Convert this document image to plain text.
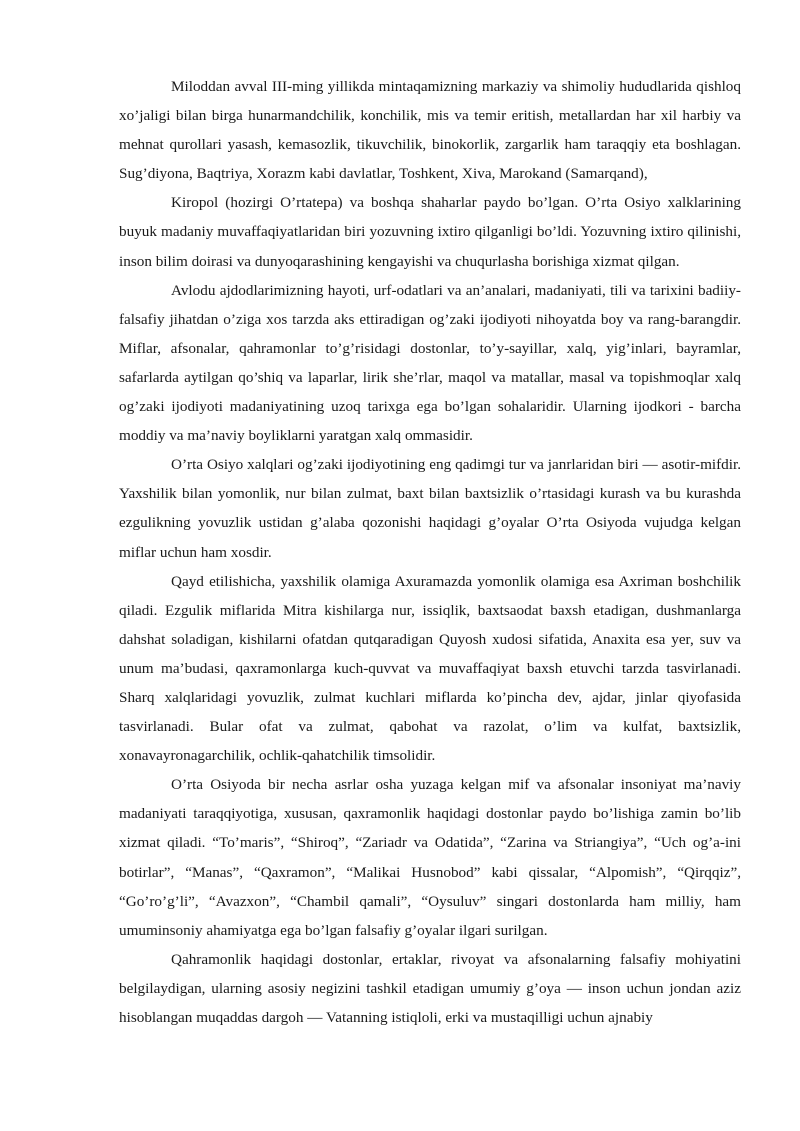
Miloddan avval III-ming yillikda mintaqamizning markaziy va shimoliy hududlarida qishloq xo’jaligi bilan birga hunarmandchilik, konchilik, mis va temir eritish, metallardan har xil harbiy va mehnat qurollari yasash, kemasozlik, tikuvchilik, binokorlik, zargarlik ham taraqqiy eta boshlagan. Sug’diyona, Baqtriya, Xorazm kabi davlatlar, Toshkent, Xiva, Marokand (Samarqand),

Kiropol (hozirgi O’rtatepa) va boshqa shaharlar paydo bo’lgan. O’rta Osiyo xalklarining buyuk madaniy muvaffaqiyatlaridan biri yozuvning ixtiro qilganligi bo’ldi. Yozuvning ixtiro qilinishi, inson bilim doirasi va dunyoqarashining kengayishi va chuqurlasha borishiga xizmat qilgan.

Avlodu ajdodlarimizning hayoti, urf-odatlari va an’analari, madaniyati, tili va tarixini badiiy-falsafiy jihatdan o’ziga xos tarzda aks ettiradigan og’zaki ijodiyoti nihoyatda boy va rang-barangdir. Miflar, afsonalar, qahramonlar to’g’risidagi dostonlar, to’y-sayillar, xalq, yig’inlari, bayramlar, safarlarda aytilgan qo’shiq va laparlar, lirik she’rlar, maqol va matallar, masal va topishmoqlar xalq og’zaki ijodiyoti madaniyatining uzoq tarixga ega bo’lgan sohalaridir. Ularning ijodkori - barcha moddiy va ma’naviy boyliklarni yaratgan xalq ommasidir.

O’rta Osiyo xalqlari og’zaki ijodiyotining eng qadimgi tur va janrlaridan biri — asotir-mifdir. Yaxshilik bilan yomonlik, nur bilan zulmat, baxt bilan baxtsizlik o’rtasidagi kurash va bu kurashda ezgulikning yovuzlik ustidan g’alaba qozonishi haqidagi g’oyalar O’rta Osiyoda vujudga kelgan miflar uchun ham xosdir.

Qayd etilishicha, yaxshilik olamiga Axuramazda yomonlik olamiga esa Axriman boshchilik qiladi. Ezgulik miflarida Mitra kishilarga nur, issiqlik, baxtsaodat baxsh etadigan, dushmanlarga dahshat soladigan, kishilarni ofatdan qutqaradigan Quyosh xudosi sifatida, Anaxita esa yer, suv va unum ma’budasi, qaxramonlarga kuch-quvvat va muvaffaqiyat baxsh etuvchi tarzda tasvirlanadi. Sharq xalqlaridagi yovuzlik, zulmat kuchlari miflarda ko’pincha dev, ajdar, jinlar qiyofasida tasvirlanadi. Bular ofat va zulmat, qabohat va razolat, o’lim va kulfat, baxtsizlik, xonavayronagarchilik, ochlik-qahatchilik timsolidir.

O’rta Osiyoda bir necha asrlar osha yuzaga kelgan mif va afsonalar insoniyat ma’naviy madaniyati taraqqiyotiga, xususan, qaxramonlik haqidagi dostonlar paydo bo’lishiga zamin bo’lib xizmat qiladi. “To’maris”, “Shiroq”, “Zariadr va Odatida”, “Zarina va Striangiya”, “Uch og’a-ini botirlar”, “Manas”, “Qaxramon”, “Malikai Husnobod” kabi qissalar, “Alpomish”, “Qirqqiz”, “Go’ro’g’li”, “Avazxon”, “Chambil qamali”, “Oysuluv” singari dostonlarda ham milliy, ham umuminsoniy ahamiyatga ega bo’lgan falsafiy g’oyalar ilgari surilgan.

Qahramonlik haqidagi dostonlar, ertaklar, rivoyat va afsonalarning falsafiy mohiyatini belgilaydigan, ularning asosiy negizini tashkil etadigan umumiy g’oya — inson uchun jondan aziz hisoblangan muqaddas dargoh — Vatanning istiqloli, erki va mustaqilligi uchun ajnabiy
